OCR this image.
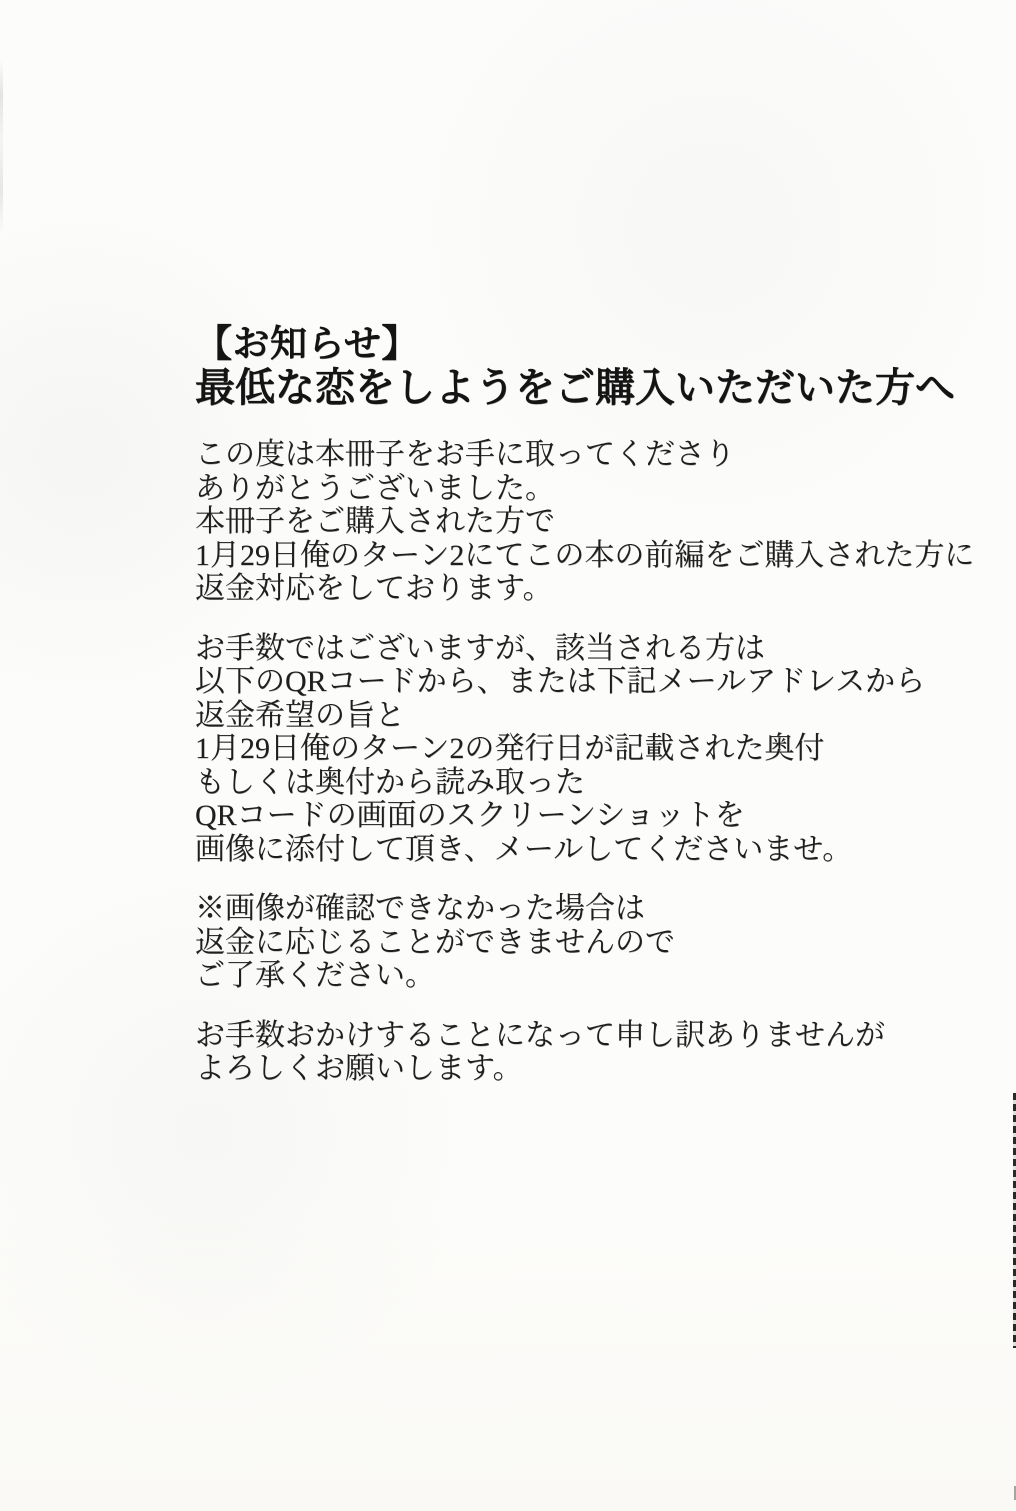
【お知らせ】
最低な恋をしようをご購入いただいた方へ
この度は本冊子をお手に取ってくださり
ありがとうございました。
本冊子をご購入された方で
1月29日俺のターン2にてこの本の前編をご購入された方に
返金対応をしております。
お手数ではございますが、該当される方は
以下のQRコードから、または下記メールアドレスから
返金希望の旨と
1月29日俺のターン2の発行日が記載された奥付
もしくは奥付から読み取った
QRコードの画面のスクリーンショットを
画像に添付して頂き、メールしてくださいませ。
※画像が確認できなかった場合は
返金に応じることができませんので
ご了承ください。
お手数おかけすることになって申し訳ありませんが
よろしくお願いします。
